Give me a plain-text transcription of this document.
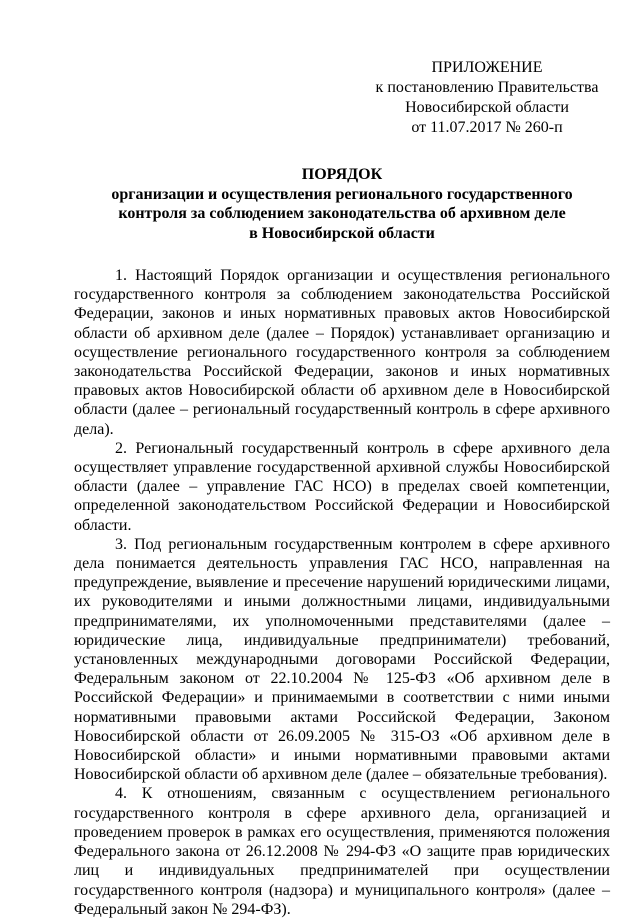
ПРИЛОЖЕНИЕ
к постановлению Правительства
Новосибирской области
от 11.07.2017 № 260-п
ПОРЯДОК
организации и осуществления регионального государственного
контроля за соблюдением законодательства об архивном деле
в Новосибирской области

1. Настоящий Порядок организации и осуществления регионального государственного контроля за соблюдением законодательства Российской Федерации, законов и иных нормативных правовых актов Новосибирской области об архивном деле (далее – Порядок) устанавливает организацию и осуществление регионального государственного контроля за соблюдением законодательства Российской Федерации, законов и иных нормативных правовых актов Новосибирской области об архивном деле в Новосибирской области (далее – региональный государственный контроль в сфере архивного дела).

2. Региональный государственный контроль в сфере архивного дела осуществляет управление государственной архивной службы Новосибирской области (далее – управление ГАС НСО) в пределах своей компетенции, определенной законодательством Российской Федерации и Новосибирской области.

3. Под региональным государственным контролем в сфере архивного дела понимается деятельность управления ГАС НСО, направленная на предупреждение, выявление и пресечение нарушений юридическими лицами, их руководителями и иными должностными лицами, индивидуальными предпринимателями, их уполномоченными представителями (далее – юридические лица, индивидуальные предприниматели) требований, установленных международными договорами Российской Федерации, Федеральным законом от 22.10.2004 № 125-ФЗ «Об архивном деле в Российской Федерации» и принимаемыми в соответствии с ними иными нормативными правовыми актами Российской Федерации, Законом Новосибирской области от 26.09.2005 № 315-ОЗ «Об архивном деле в Новосибирской области» и иными нормативными правовыми актами Новосибирской области об архивном деле (далее – обязательные требования).

4. К отношениям, связанным с осуществлением регионального государственного контроля в сфере архивного дела, организацией и проведением проверок в рамках его осуществления, применяются положения Федерального закона от 26.12.2008 № 294-ФЗ «О защите прав юридических лиц и индивидуальных предпринимателей при осуществлении государственного контроля (надзора) и муниципального контроля» (далее – Федеральный закон № 294-ФЗ).
